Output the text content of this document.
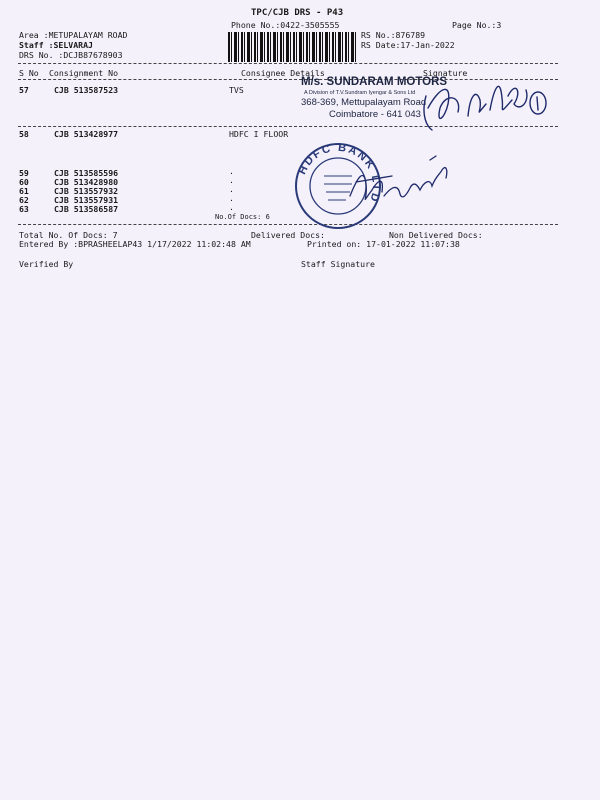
TPC/CJB DRS - P43
Phone No.:0422-3505555	Page No.:3
Area :METUPALAYAM ROAD
Staff :SELVARAJ
DRS No. :DCJB87678903
RS No.:876789
RS Date:17-Jan-2022
S No Consignment No	Consignee Details	Signature
57	CJB 513587523	TVS
58	CJB 513428977	HDFC I FLOOR
59	CJB 513585596	.
60	CJB 513428980	.
61	CJB 513557932	.
62	CJB 513557931	.
63	CJB 513586587	.
No.Of Docs: 6
Total No. Of Docs: 7	Delivered Docs:	Non Delivered Docs:
Entered By :BPRASHEELAP43 1/17/2022 11:02:48 AM	Printed on: 17-01-2022 11:07:38
Verified By	Staff Signature
M/s. SUNDARAM MOTORS
A Division of T.V.Sundram Iyengar & Sons Ltd
368-369, Mettupalayam Road
Coimbatore - 641 043
HDFC BANK LTD
